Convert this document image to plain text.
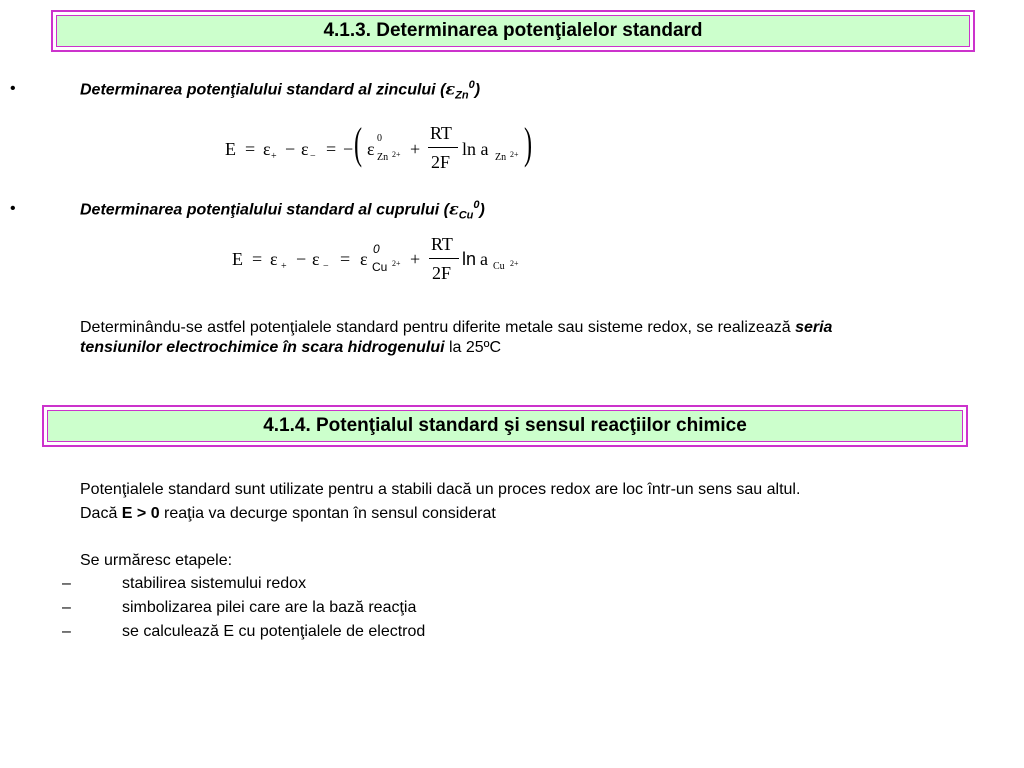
4.1.3. Determinarea potenţialelor standard
•	Determinarea potenţialului standard al zincului $(\varepsilon_{Zn}^0)$
E = ε + − ε − = − ( ε
0
Zn 2+ +
RT
2F
ln a Zn 2+ )
•	Determinarea potenţialului standard al cuprului $(\varepsilon_{Cu}^0)$
E = ε + − ε − = ε 0
Cu 2+ +
RT
2F
ln a Cu 2+
Determinându-se astfel potenţialele standard pentru diferite metale sau sisteme redox, se realizează seria
tensiunilor electrochimice în scara hidrogenului la 25ºC
4.1.4. Potenţialul standard şi sensul reacţiilor chimice
Potenţialele standard sunt utilizate pentru a stabili dacă un proces redox are loc într-un sens sau altul.
Dacă E > 0 reaţia va decurge spontan în sensul considerat
Se urmăresc etapele:
–	stabilirea sistemului redox
–	simbolizarea pilei care are la bază reacţia
–	se calculează E cu potenţialele de electrod
